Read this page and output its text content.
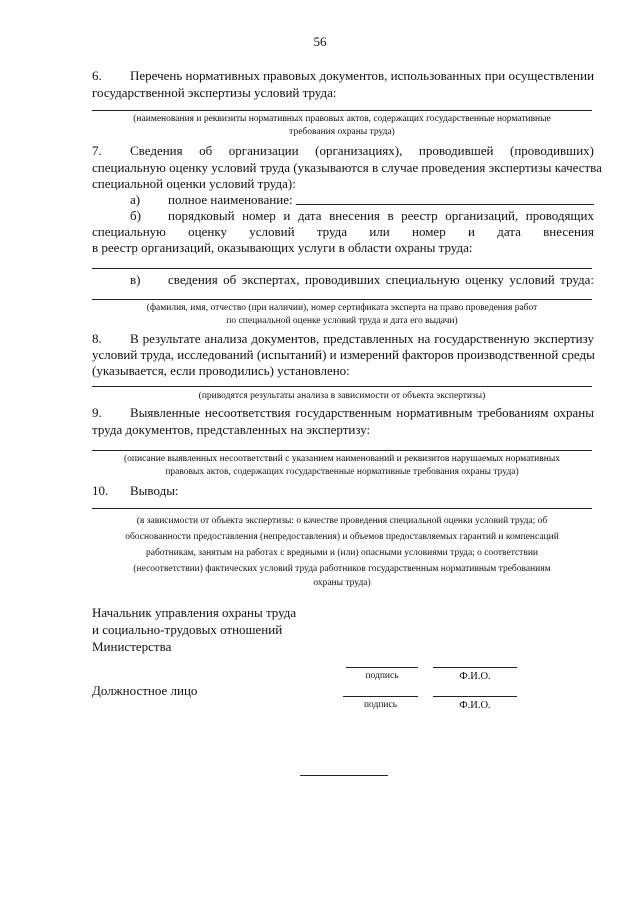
56
6. Перечень нормативных правовых документов, использованных при осуществлении
государственной экспертизы условий труда:
(наименования и реквизиты нормативных правовых актов, содержащих государственные нормативные
требования охраны труда)
7. Сведения об организации (организациях), проводившей (проводивших)
специальную оценку условий труда (указываются в случае проведения экспертизы качества
специальной оценки условий труда):
а) полное наименование:
б) порядковый номер и дата внесения в реестр организаций, проводящих
специальную оценку условий труда или номер и дата внесения
в реестр организаций, оказывающих услуги в области охраны труда:
в) сведения об экспертах, проводивших специальную оценку условий труда:
(фамилия, имя, отчество (при наличии), номер сертификата эксперта на право проведения работ
по специальной оценке условий труда и дата его выдачи)
8. В результате анализа документов, представленных на государственную экспертизу
условий труда, исследований (испытаний) и измерений факторов производственной среды
(указывается, если проводились) установлено:
(приводятся результаты анализа в зависимости от объекта экспертизы)
9. Выявленные несоответствия государственным нормативным требованиям охраны
труда документов, представленных на экспертизу:
(описание выявленных несоответствий с указанием наименований и реквизитов нарушаемых нормативных
правовых актов, содержащих государственные нормативные требования охраны труда)
10. Выводы:
(в зависимости от объекта экспертизы: о качестве проведения специальной оценки условий труда; об
обоснованности предоставления (непредоставления) и объемов предоставляемых гарантий и компенсаций
работникам, занятым на работах с вредными и (или) опасными условиями труда; о соответствии
(несоответствии) фактических условий труда работников государственным нормативным требованиям
охраны труда)
Начальник управления охраны труда
и социально-трудовых отношений
Министерства
подпись	Ф.И.О.
Должностное лицо
подпись	Ф.И.О.
